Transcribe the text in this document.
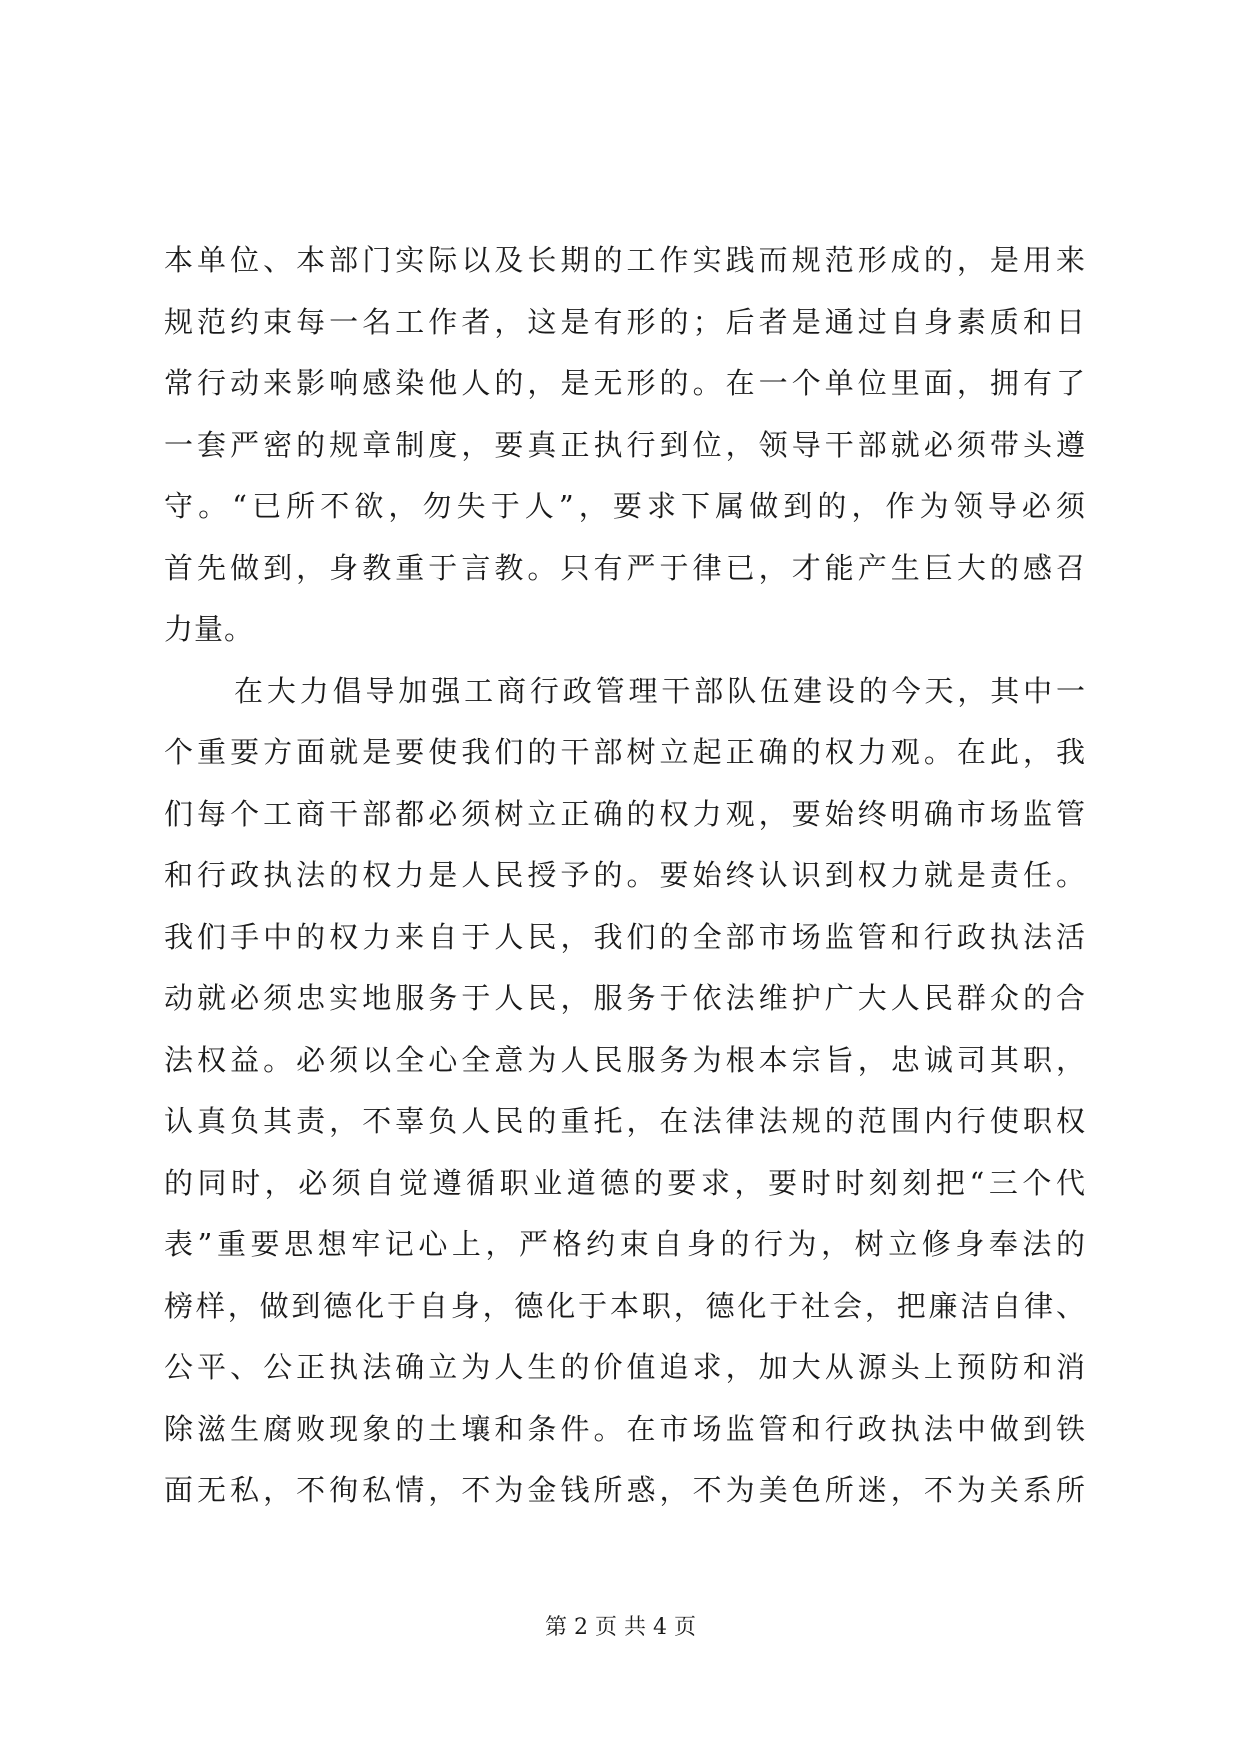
本单位、本部门实际以及长期的工作实践而规范形成的，是用来
规范约束每一名工作者，这是有形的；后者是通过自身素质和日
常行动来影响感染他人的，是无形的。在一个单位里面，拥有了
一套严密的规章制度，要真正执行到位，领导干部就必须带头遵
守。“已所不欲，勿失于人”，要求下属做到的，作为领导必须
首先做到，身教重于言教。只有严于律已，才能产生巨大的感召
力量。
在大力倡导加强工商行政管理干部队伍建设的今天，其中一
个重要方面就是要使我们的干部树立起正确的权力观。在此，我
们每个工商干部都必须树立正确的权力观，要始终明确市场监管
和行政执法的权力是人民授予的。要始终认识到权力就是责任。
我们手中的权力来自于人民，我们的全部市场监管和行政执法活
动就必须忠实地服务于人民，服务于依法维护广大人民群众的合
法权益。必须以全心全意为人民服务为根本宗旨，忠诚司其职，
认真负其责，不辜负人民的重托，在法律法规的范围内行使职权
的同时，必须自觉遵循职业道德的要求，要时时刻刻把“三个代
表”重要思想牢记心上，严格约束自身的行为，树立修身奉法的
榜样，做到德化于自身，德化于本职，德化于社会，把廉洁自律、
公平、公正执法确立为人生的价值追求，加大从源头上预防和消
除滋生腐败现象的土壤和条件。在市场监管和行政执法中做到铁
面无私，不徇私情，不为金钱所惑，不为美色所迷，不为关系所
第 2 页 共 4 页
